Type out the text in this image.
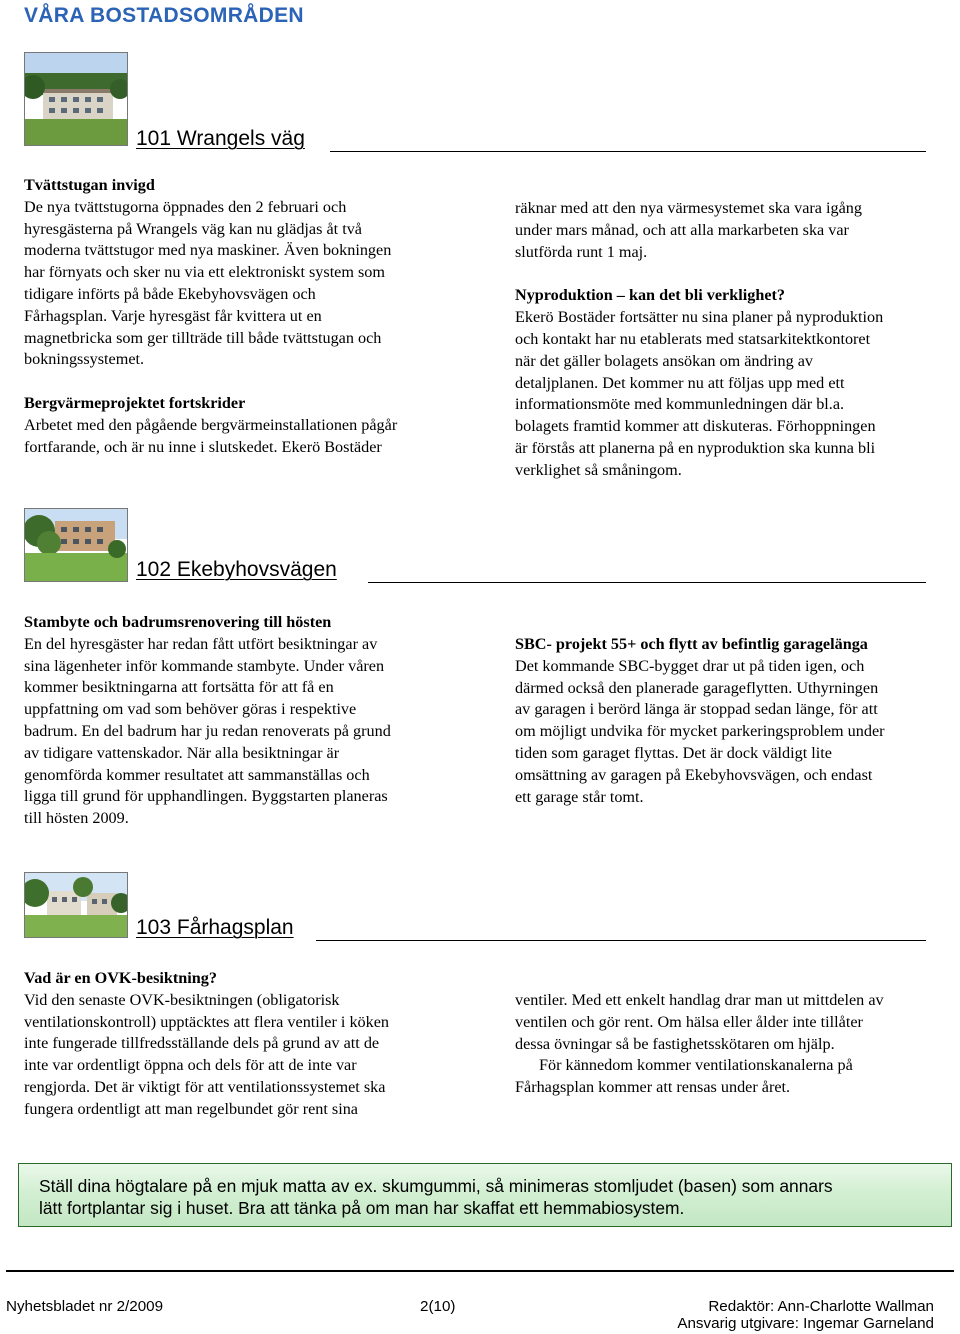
VÅRA BOSTADSOMRÅDEN
101 Wrangels väg

Tvättstugan invigd

De nya tvättstugorna öppnades den 2 februari och

hyresgästerna på Wrangels väg kan nu glädjas åt två

moderna tvättstugor med nya maskiner. Även bokningen

har förnyats och sker nu via ett elektroniskt system som

tidigare införts på både Ekebyhovsvägen och

Fårhagsplan. Varje hyresgäst får kvittera ut en

magnetbricka som ger tillträde till både tvättstugan och

bokningssystemet.

Bergvärmeprojektet fortskrider

Arbetet med den pågående bergvärmeinstallationen pågår

fortfarande, och är nu inne i slutskedet. Ekerö Bostäder

räknar med att den nya värmesystemet ska vara igång

under mars månad, och att alla markarbeten ska var

slutförda runt 1 maj.

Nyproduktion – kan det bli verklighet?

Ekerö Bostäder fortsätter nu sina planer på nyproduktion

och kontakt har nu etablerats med statsarkitektkontoret

när det gäller bolagets ansökan om ändring av

detaljplanen. Det kommer nu att följas upp med ett

informationsmöte med kommunledningen där bl.a.

bolagets framtid kommer att diskuteras. Förhoppningen

är förstås att planerna på en nyproduktion ska kunna bli

verklighet så småningom.

102 Ekebyhovsvägen

Stambyte och badrumsrenovering till hösten

En del hyresgäster har redan fått utfört besiktningar av

sina lägenheter inför kommande stambyte. Under våren

kommer besiktningarna att fortsätta för att få en

uppfattning om vad som behöver göras i respektive

badrum. En del badrum har ju redan renoverats på grund

av tidigare vattenskador. När alla besiktningar är

genomförda kommer resultatet att sammanställas och

ligga till grund för upphandlingen. Byggstarten planeras

till hösten 2009.

SBC- projekt 55+ och flytt av befintlig garagelänga

Det kommande SBC-bygget drar ut på tiden igen, och

därmed också den planerade garageflytten. Uthyrningen

av garagen i berörd länga är stoppad sedan länge, för att

om möjligt undvika för mycket parkeringsproblem under

tiden som garaget flyttas. Det är dock väldigt lite

omsättning av garagen på Ekebyhovsvägen, och endast

ett garage står tomt.

103 Fårhagsplan

Vad är en OVK-besiktning?

Vid den senaste OVK-besiktningen (obligatorisk

ventilationskontroll) upptäcktes att flera ventiler i köken

inte fungerade tillfredsställande dels på grund av att de

inte var ordentligt öppna och dels för att de inte var

rengjorda. Det är viktigt för att ventilationssystemet ska

fungera ordentligt att man regelbundet gör rent sina

ventiler. Med ett enkelt handlag drar man ut mittdelen av

ventilen och gör rent. Om hälsa eller ålder inte tillåter

dessa övningar så be fastighetsskötaren om hjälp.

För kännedom kommer ventilationskanalerna på

Fårhagsplan kommer att rensas under året.

Ställ dina högtalare på en mjuk matta av ex. skumgummi, så minimeras stomljudet (basen) som annars
lätt fortplantar sig i huset. Bra att tänka på om man har skaffat ett hemmabiosystem.
Nyhetsbladet nr 2/2009	2(10)	Redaktör: Ann-Charlotte Wallman
Ansvarig utgivare: Ingemar Garneland
